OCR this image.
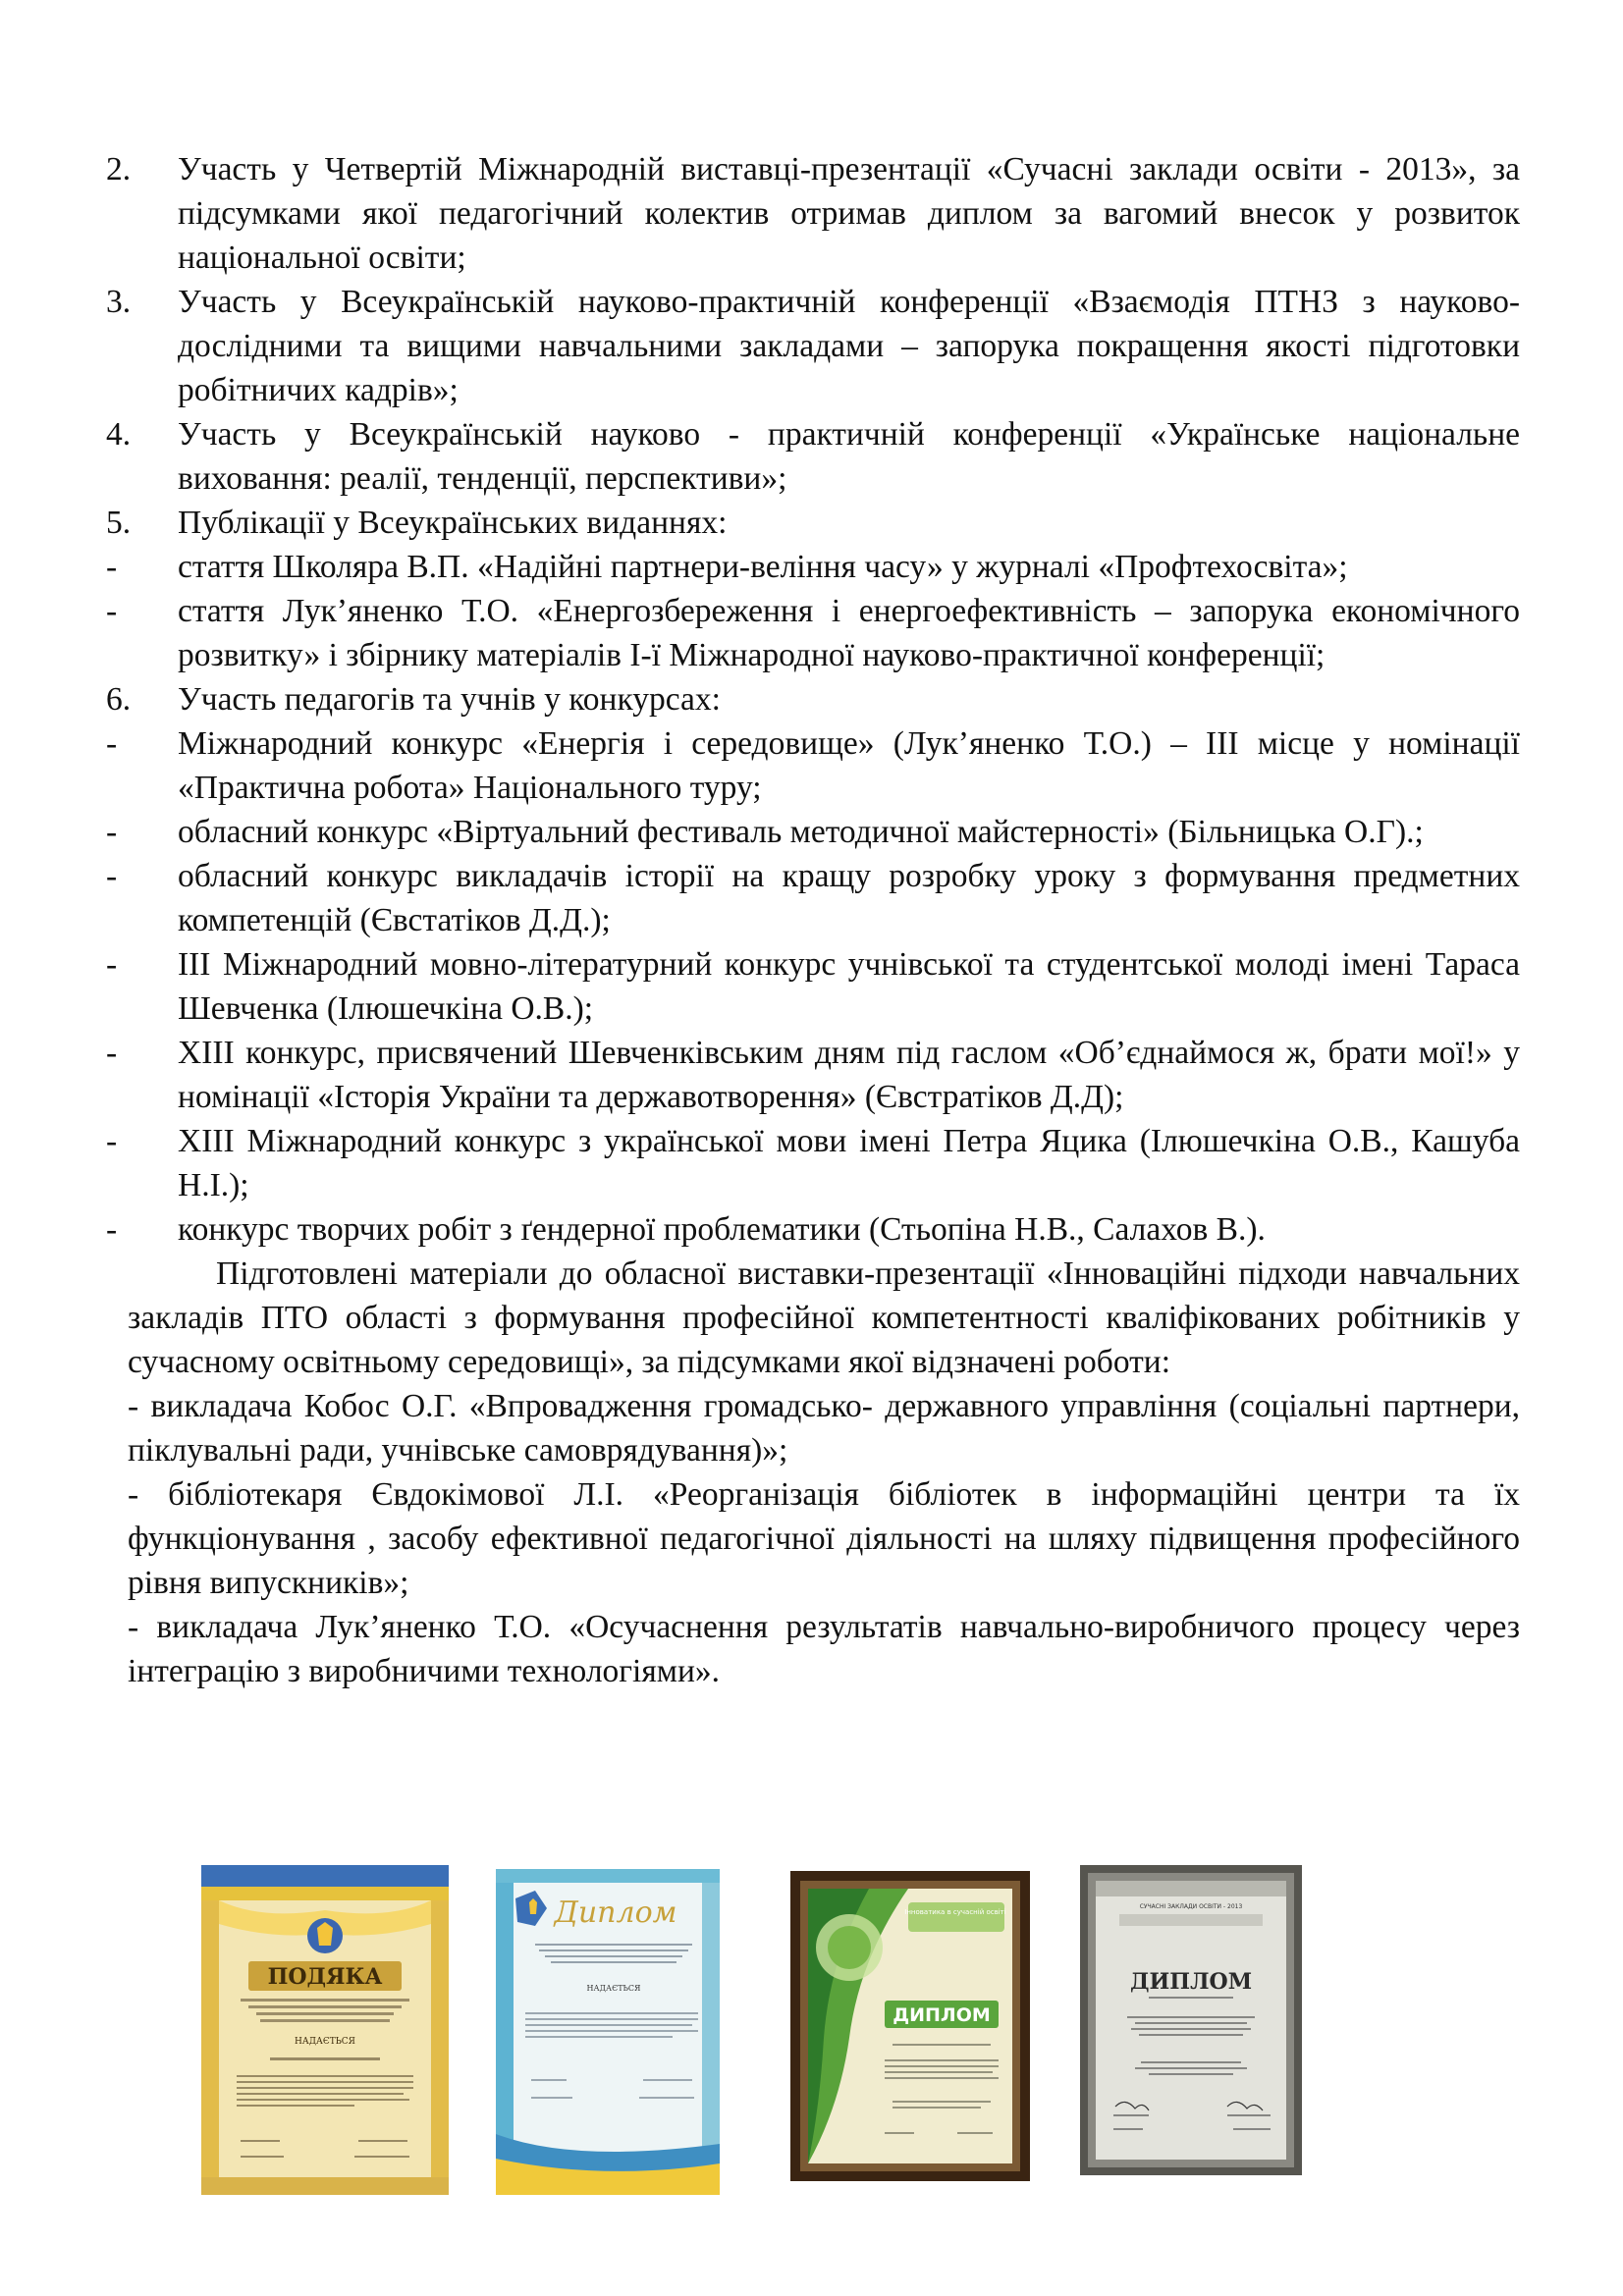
2.	Участь у Четвертій Міжнародній виставці-презентації «Сучасні заклади освіти - 2013», за підсумками якої педагогічний колектив отримав диплом за вагомий внесок у розвиток національної освіти;
3.	Участь у Всеукраїнській науково-практичній конференції «Взаємодія ПТНЗ з науково-дослідними та вищими навчальними закладами – запорука покращення якості підготовки робітничих кадрів»;
4.	Участь у Всеукраїнській науково - практичній конференції «Українське національне виховання: реалії, тенденції, перспективи»;
5.	Публікації у Всеукраїнських виданнях:
- стаття Школяра В.П. «Надійні партнери-веління часу» у журналі «Профтехосвіта»;
- стаття Лук’яненко Т.О. «Енергозбереження і енергоефективність – запорука економічного розвитку» і збірнику матеріалів І-ї Міжнародної науково-практичної конференції;
6.	Участь педагогів та учнів у конкурсах:
- Міжнародний конкурс «Енергія і середовище» (Лук’яненко Т.О.) – ІІІ місце у номінації «Практична робота» Національного туру;
- обласний конкурс «Віртуальний фестиваль методичної майстерності» (Більницька О.Г).;
- обласний конкурс викладачів історії на кращу розробку уроку з формування предметних компетенцій (Євстатіков Д.Д.);
- ІІІ Міжнародний мовно-літературний конкурс учнівської та студентської молоді імені Тараса Шевченка (Ілюшечкіна О.В.);
- ХІІІ конкурс, присвячений Шевченківським дням під гаслом «Об’єднаймося ж, брати мої!» у номінації «Історія України та державотворення» (Євстратіков Д.Д);
- ХІІІ Міжнародний конкурс з української мови імені Петра Яцика (Ілюшечкіна О.В., Кашуба Н.І.);
- конкурс творчих робіт з ґендерної проблематики (Стьопіна Н.В., Салахов В.).

Підготовлені матеріали до обласної виставки-презентації «Інноваційні підходи навчальних закладів ПТО області з формування професійної компетентності кваліфікованих робітників у сучасному освітньому середовищі», за підсумками якої відзначені роботи:

- викладача Кобос О.Г. «Впровадження громадсько- державного управління (соціальні партнери, піклувальні ради, учнівське самоврядування)»;

- бібліотекаря Євдокімової Л.І. «Реорганізація бібліотек в інформаційні центри та їх функціонування , засобу ефективної педагогічної діяльності на шляху підвищення професійного рівня випускників»;

- викладача Лук’яненко Т.О. «Осучаснення результатів навчально-виробничого процесу через інтеграцію з виробничими технологіями».

ПОДЯКА
НАДАЄТЬСЯ
Диплом
НАДАЄТЬСЯ
Інноватика в сучасній освіті
ДИПЛОМ
СУЧАСНІ ЗАКЛАДИ ОСВІТИ - 2013
ДИПЛОМ
